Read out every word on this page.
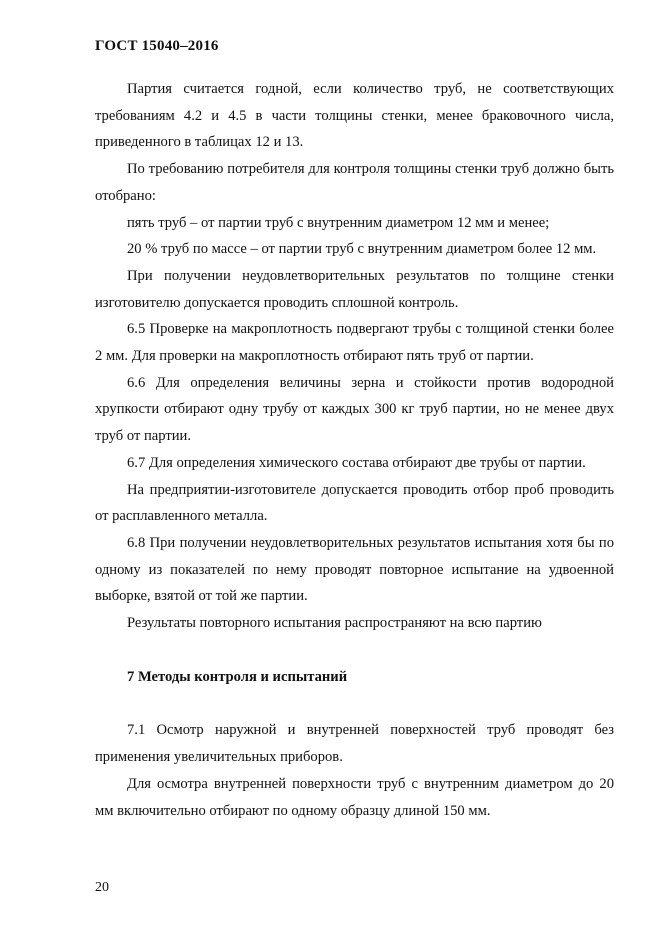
ГОСТ 15040–2016

Партия считается годной, если количество труб, не соответствующих требованиям 4.2 и 4.5 в части толщины стенки, менее браковочного числа, приведенного в таблицах 12 и 13.

По требованию потребителя для контроля толщины стенки труб должно быть отобрано:

пять труб – от партии труб с внутренним диаметром 12 мм и менее;

20 % труб по массе – от партии труб с внутренним диаметром более 12 мм.

При получении неудовлетворительных результатов по толщине стенки изготовителю допускается проводить сплошной контроль.

6.5 Проверке на макроплотность подвергают трубы с толщиной стенки более 2 мм. Для проверки на макроплотность отбирают пять труб от партии.

6.6 Для определения величины зерна и стойкости против водородной хрупкости отбирают одну трубу от каждых 300 кг труб партии, но не менее двух труб от партии.

6.7 Для определения химического состава отбирают две трубы от партии.

На предприятии-изготовителе допускается проводить отбор проб проводить от расплавленного металла.

6.8 При получении неудовлетворительных результатов испытания хотя бы по одному из показателей по нему проводят повторное испытание на удвоенной выборке, взятой от той же партии.

Результаты повторного испытания распространяют на всю партию

7 Методы контроля и испытаний

7.1 Осмотр наружной и внутренней поверхностей труб проводят без применения увеличительных приборов.

Для осмотра внутренней поверхности труб с внутренним диаметром до 20 мм включительно отбирают по одному образцу длиной 150 мм.

20
